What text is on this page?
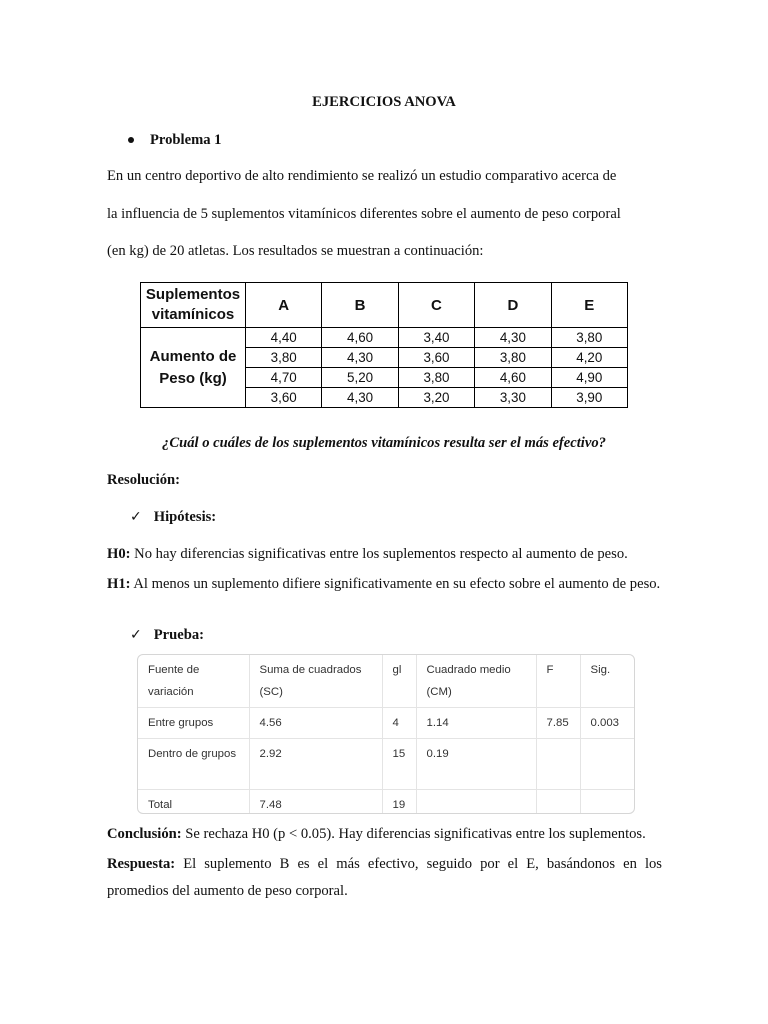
EJERCICIOS ANOVA
Problema 1
En un centro deportivo de alto rendimiento se realizó un estudio comparativo acerca de
la influencia de 5 suplementos vitamínicos diferentes sobre el aumento de peso corporal
(en kg) de 20 atletas. Los resultados se muestran a continuación:
Suplementos
vitamínicos	A	B	C	D	E
Aumento de
Peso (kg)	4,40	4,60	3,40	4,30	3,80
	3,80	4,30	3,60	3,80	4,20
	4,70	5,20	3,80	4,60	4,90
	3,60	4,30	3,20	3,30	3,90
¿Cuál o cuáles de los suplementos vitamínicos resulta ser el más efectivo?
Resolución:
✓ Hipótesis:
H0: No hay diferencias significativas entre los suplementos respecto al aumento de peso.
H1: Al menos un suplemento difiere significativamente en su efecto sobre el aumento de peso.
✓ Prueba:
Fuente de variación	Suma de cuadrados (SC)	gl	Cuadrado medio (CM)	F	Sig.
Entre grupos	4.56	4	1.14	7.85	0.003
Dentro de grupos	2.92	15	0.19		
Total	7.48	19			
Conclusión: Se rechaza H0 (p < 0.05). Hay diferencias significativas entre los suplementos.
Respuesta: El suplemento B es el más efectivo, seguido por el E, basándonos en los promedios del aumento de peso corporal.
